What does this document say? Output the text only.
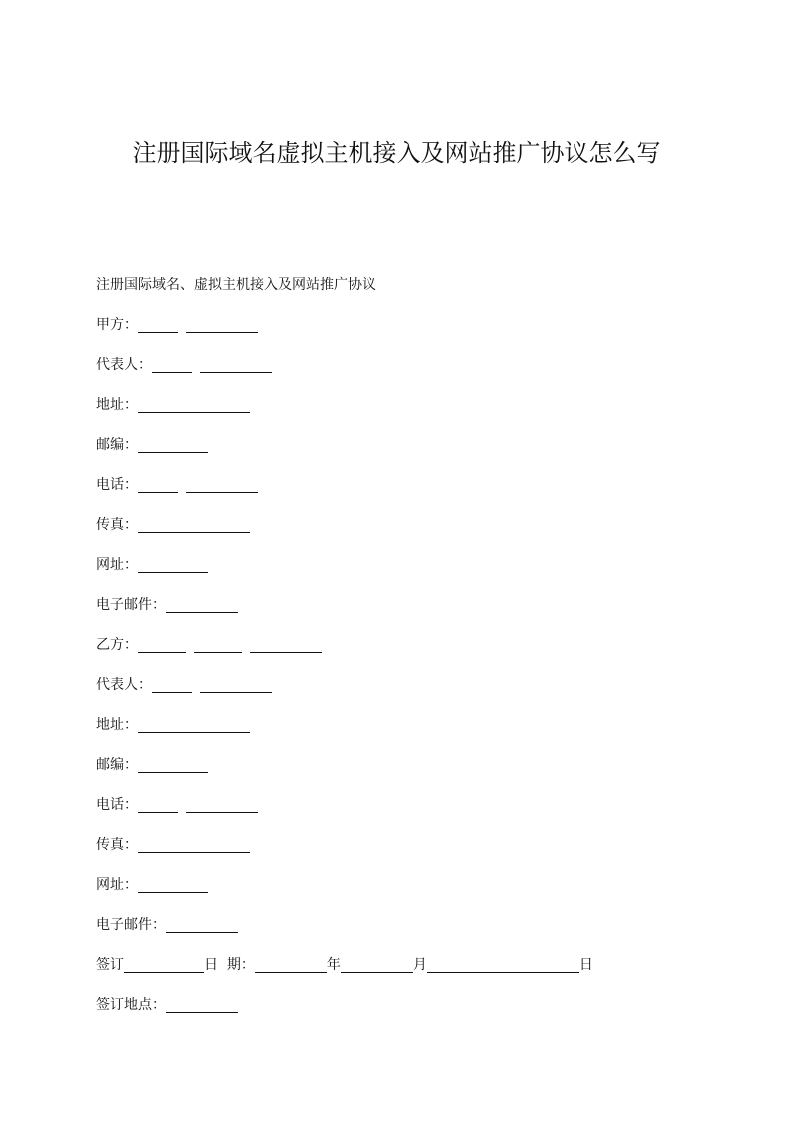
注册国际域名虚拟主机接入及网站推广协议怎么写
注册国际域名、虚拟主机接入及网站推广协议
甲方：
代表人：
地址：
邮编：
电话：
传真：
网址：
电子邮件：
乙方：
代表人：
地址：
邮编：
电话：
传真：
网址：
电子邮件：
签订	日  期：	年	月	日
签订地点：
